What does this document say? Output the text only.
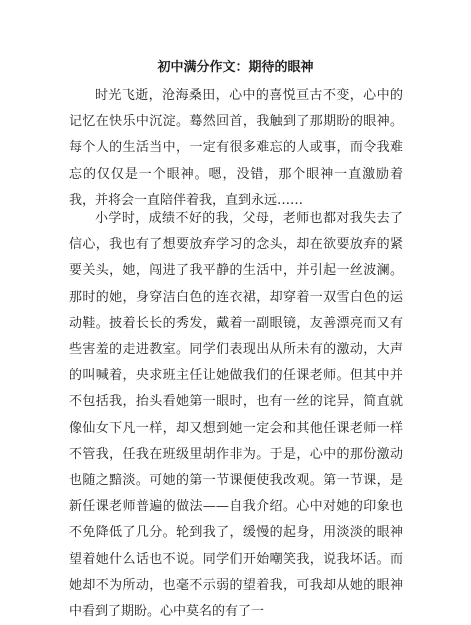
初中满分作文：期待的眼神

时光飞逝，沧海桑田，心中的喜悦亘古不变，心中的记忆在快乐中沉淀。蓦然回首，我触到了那期盼的眼神。每个人的生活当中，一定有很多难忘的人或事，而令我难忘的仅仅是一个眼神。嗯，没错，那个眼神一直激励着我，并将会一直陪伴着我，直到永远……

小学时，成绩不好的我，父母，老师也都对我失去了信心，我也有了想要放弃学习的念头，却在欲要放弃的紧要关头，她，闯进了我平静的生活中，并引起一丝波澜。那时的她，身穿洁白色的连衣裙，却穿着一双雪白色的运动鞋。披着长长的秀发，戴着一副眼镜，友善漂亮而又有些害羞的走进教室。同学们表现出从所未有的激动，大声的叫喊着，央求班主任让她做我们的任课老师。但其中并不包括我，抬头看她第一眼时，也有一丝的诧异，简直就像仙女下凡一样，却又想到她一定会和其他任课老师一样不管我，任我在班级里胡作非为。于是，心中的那份激动也随之黯淡。可她的第一节课便使我改观。第一节课，是新任课老师普遍的做法——自我介绍。心中对她的印象也不免降低了几分。轮到我了，缓慢的起身，用淡淡的眼神望着她什么话也不说。同学们开始嘲笑我，说我坏话。而她却不为所动，也毫不示弱的望着我，可我却从她的眼神中看到了期盼。心中莫名的有了一
